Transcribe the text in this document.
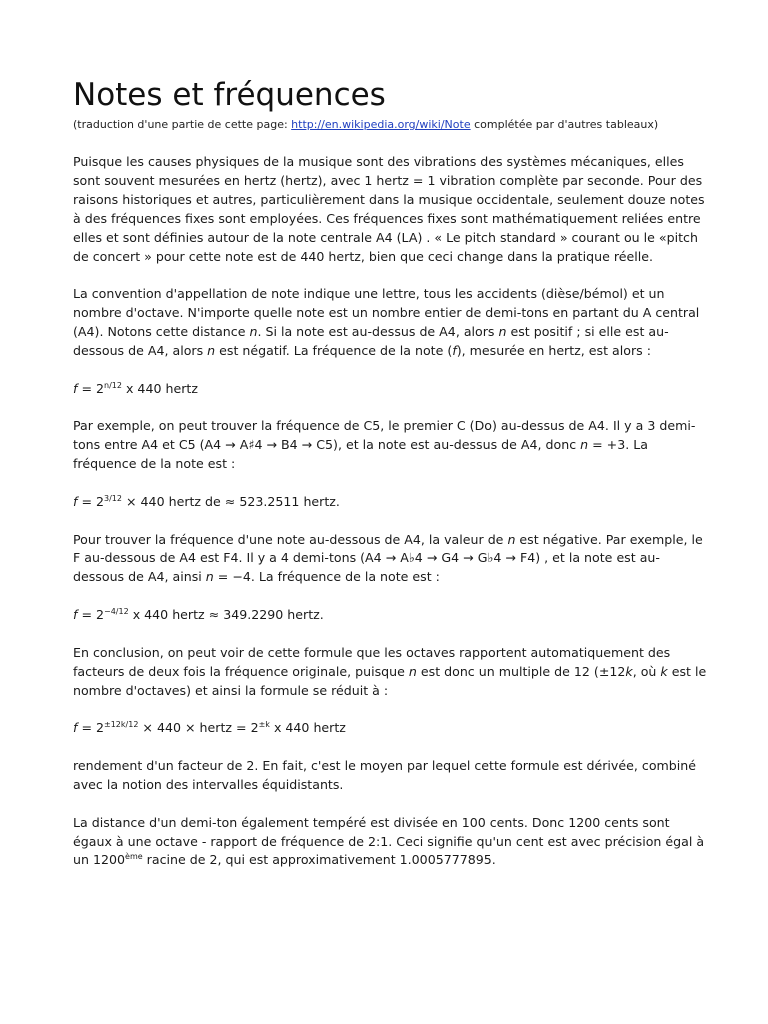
Notes et fréquences

(traduction d'une partie de cette page: http://en.wikipedia.org/wiki/Note complétée par d'autres tableaux)

Puisque les causes physiques de la musique sont des vibrations des systèmes mécaniques, elles sont souvent mesurées en hertz (hertz), avec 1 hertz = 1 vibration complète par seconde. Pour des raisons historiques et autres, particulièrement dans la musique occidentale, seulement douze notes à des fréquences fixes sont employées. Ces fréquences fixes sont mathématiquement reliées entre elles et sont définies autour de la note centrale A4 (LA) . « Le pitch standard » courant ou le «pitch de concert » pour cette note est de 440 hertz, bien que ceci change dans la pratique réelle.

La convention d'appellation de note indique une lettre, tous les accidents (dièse/bémol) et un nombre d'octave. N'importe quelle note est un nombre entier de demi-tons en partant du A central (A4). Notons cette distance n. Si la note est au-dessus de A4, alors n est positif ; si elle est au-dessous de A4, alors n est négatif. La fréquence de la note (f), mesurée en hertz, est alors :

$f = 2^{n/12}$ x 440 hertz

Par exemple, on peut trouver la fréquence de C5, le premier C (Do) au-dessus de A4. Il y a 3 demi-tons entre A4 et C5 (A4 → A♯4 → B4 → C5), et la note est au-dessus de A4, donc n = +3. La fréquence de la note est :

$f = 2^{3/12} \times 440$ hertz de ≈ 523.2511 hertz.

Pour trouver la fréquence d'une note au-dessous de A4, la valeur de n est négative. Par exemple, le F au-dessous de A4 est F4. Il y a 4 demi-tons (A4 → A♭4 → G4 → G♭4 → F4) , et la note est au-dessous de A4, ainsi n = −4. La fréquence de la note est :

$f = 2^{-4/12}$ x 440 hertz ≈ 349.2290 hertz.

En conclusion, on peut voir de cette formule que les octaves rapportent automatiquement des facteurs de deux fois la fréquence originale, puisque n est donc un multiple de 12 (±12k, où k est le nombre d'octaves) et ainsi la formule se réduit à :

$f = 2^{\pm 12k/12} \times 440$ × hertz = $2^{\pm k}$ x 440 hertz

rendement d'un facteur de 2. En fait, c'est le moyen par lequel cette formule est dérivée, combiné avec la notion des intervalles équidistants.

La distance d'un demi-ton également tempéré est divisée en 100 cents. Donc 1200 cents sont égaux à une octave - rapport de fréquence de 2:1. Ceci signifie qu'un cent est avec précision égal à un 1200ème racine de 2, qui est approximativement 1.0005777895.
